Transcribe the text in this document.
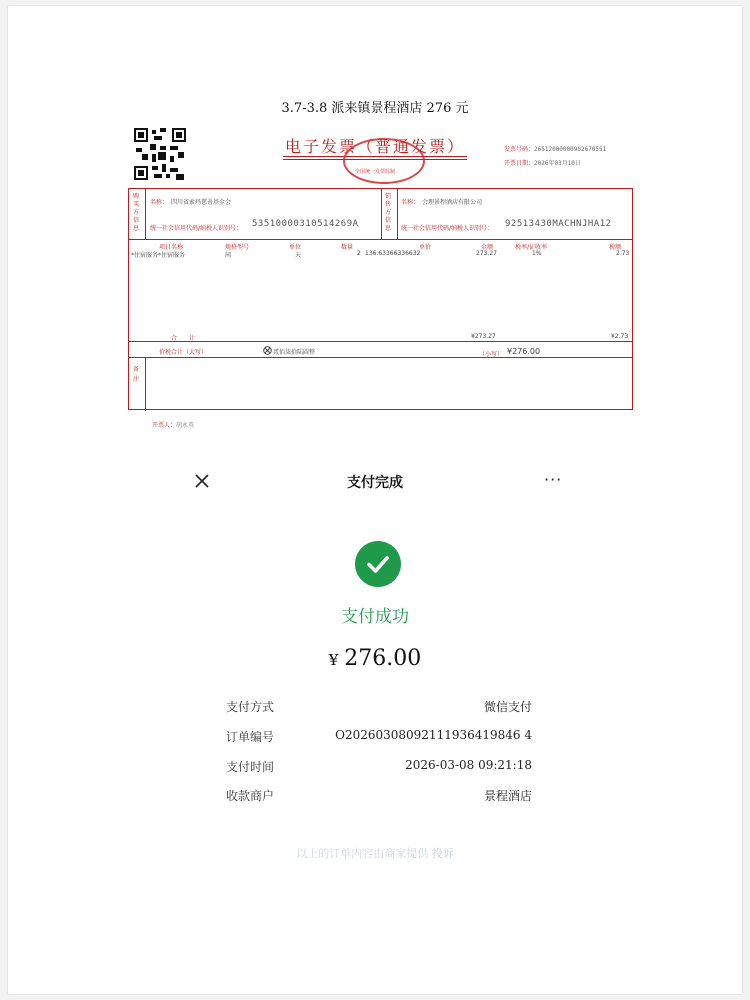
3.7-3.8 派来镇景程酒店 276 元
电子发票（普通发票）
全国统一发票监制
发票号码：26512000000902670551
开票日期：2026年03月10日
购买方信息
名称： 四川省索玛慈善基金会
统一社会信用代码/纳税人识别号： 53510000310514269A
销售方信息
名称： 会理景程酒店有限公司
统一社会信用代码/纳税人识别号： 92513430MACHNJHA12
项目名称	规格型号	单位	数量	单价	金额	税率/征收率	税额
*住宿服务*住宿服务	间	天	2 136.63366336632	273.27	1%	2.73
合　　计	¥273.27	¥2.73
价税合计（大写）	贰佰柒拾陆圆整	（小写） ¥276.00
备注
开票人：胡永英
支付完成	···
支付成功
¥ 276.00
支付方式	微信支付
订单编号	O20260308092111936419846 4
支付时间	2026-03-08 09:21:18
收款商户	景程酒店
以上的订单内容由商家提供 投诉
